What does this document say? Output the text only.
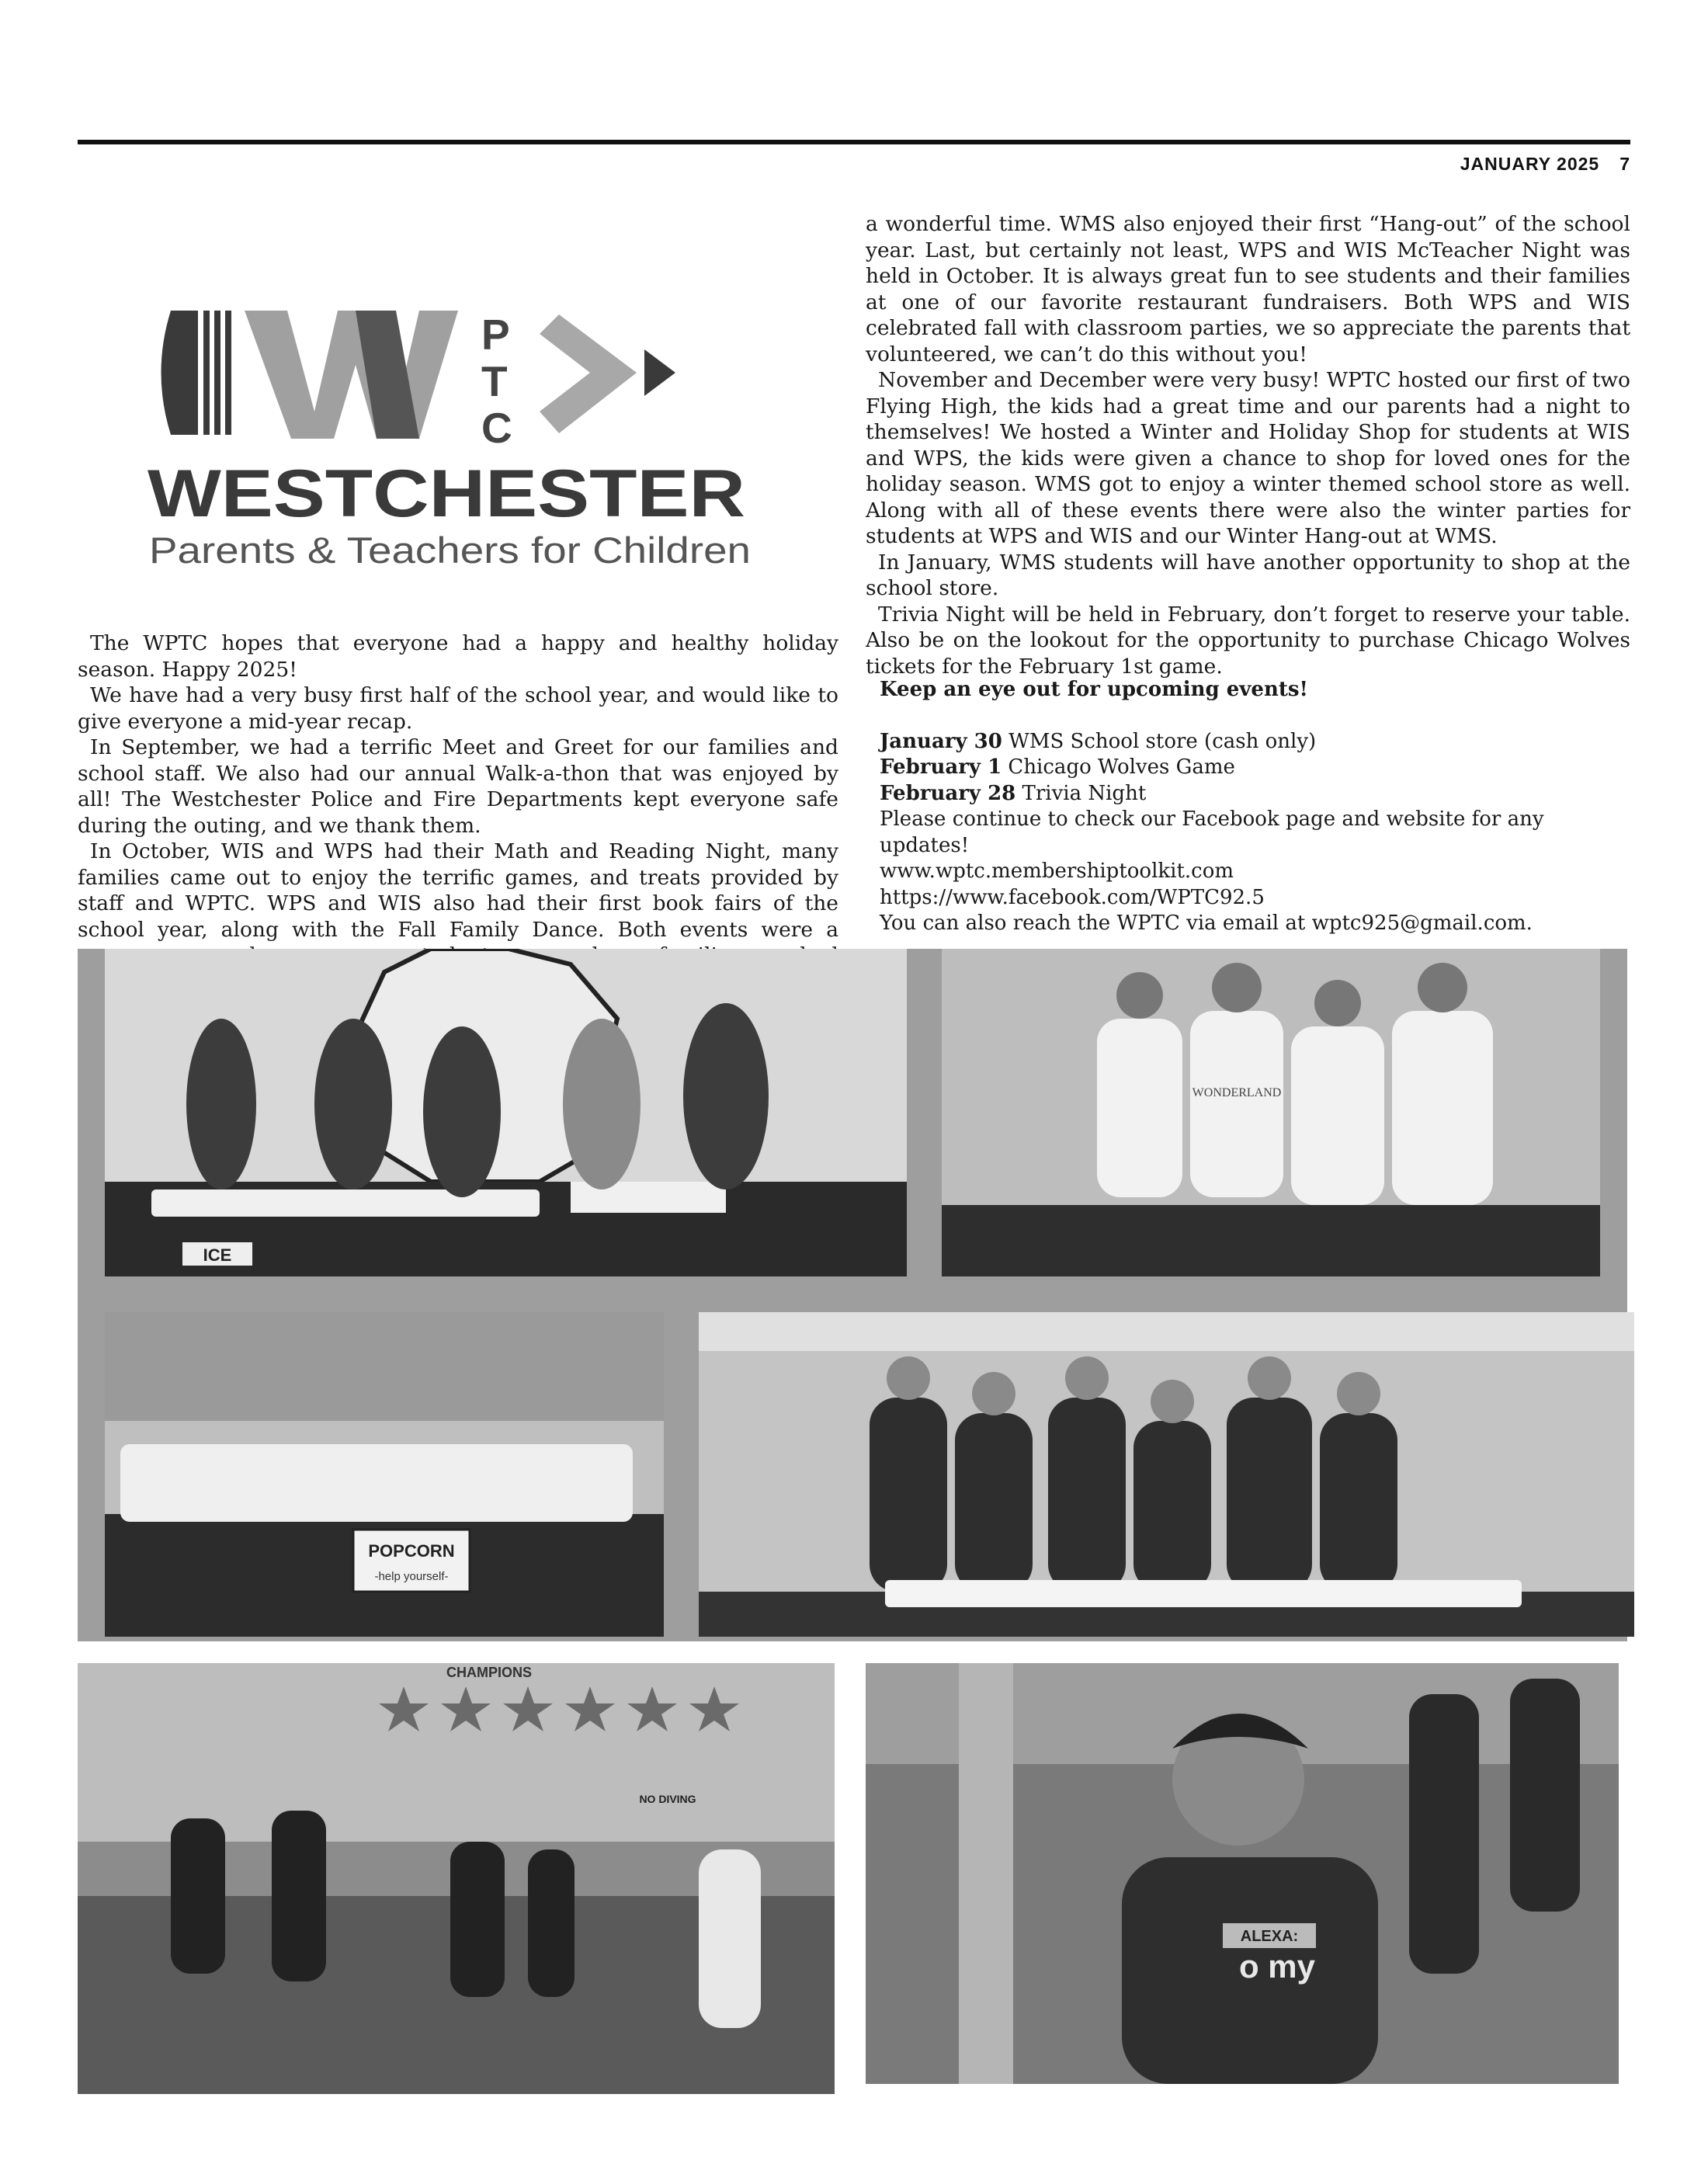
JANUARY 2025 7
P
T
C
WESTCHESTER
Parents & Teachers for Children

The WPTC hopes that everyone had a happy and healthy holiday season. Happy 2025!

We have had a very busy first half of the school year, and would like to give everyone a mid-year recap.

In September, we had a terrific Meet and Greet for our families and school staff. We also had our annual Walk-a-thon that was enjoyed by all! The Westchester Police and Fire Departments kept everyone safe during the outing, and we thank them.

In October, WIS and WPS had their Math and Reading Night, many families came out to enjoy the terrific games, and treats provided by staff and WPTC. WPS and WIS also had their first book fairs of the school year, along with the Fall Family Dance. Both events were a

a wonderful time. WMS also enjoyed their first “Hang-out” of the school year. Last, but certainly not least, WPS and WIS McTeacher Night was held in October. It is always great fun to see students and their families at one of our favorite restaurant fundraisers. Both WPS and WIS celebrated fall with classroom parties, we so appreciate the parents that volunteered, we can’t do this without you!

November and December were very busy! WPTC hosted our first of two Flying High, the kids had a great time and our parents had a night to themselves! We hosted a Winter and Holiday Shop for students at WIS and WPS, the kids were given a chance to shop for loved ones for the holiday season. WMS got to enjoy a winter themed school store as well. Along with all of these events there were also the winter parties for students at WPS and WIS and our Winter Hang-out at WMS.

In January, WMS students will have another opportunity to shop at the school store.

Trivia Night will be held in February, don’t forget to reserve your table. Also be on the lookout for the opportunity to purchase Chicago Wolves tickets for the February 1st game.

Keep an eye out for upcoming events!
January 30 WMS School store (cash only)
February 1 Chicago Wolves Game
February 28 Trivia Night
Please continue to check our Facebook page and website for any updates!
www.wptc.membershiptoolkit.com
https://www.facebook.com/WPTC92.5
You can also reach the WPTC via email at wptc925@gmail.com.
ICE
WONDERLAND
POPCORN
-help yourself-
CHAMPIONS
NO DIVING
ALEXA:
o my
